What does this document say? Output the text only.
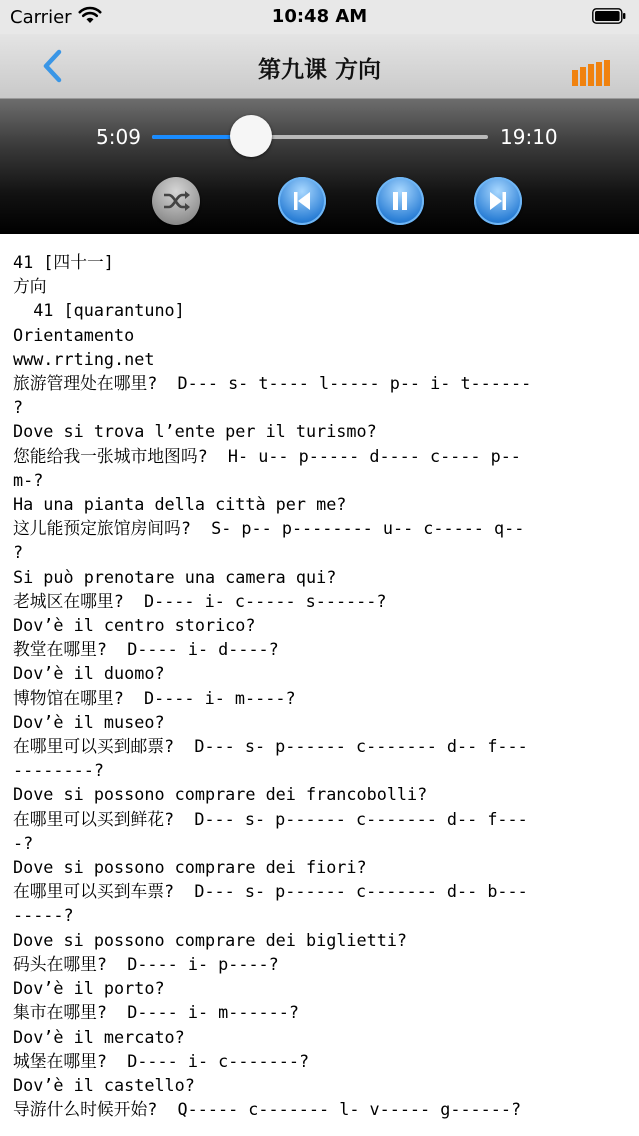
Carrier	10:48 AM
第九课 方向
5:09	19:10

41 [四十一]

方向

41 [quarantuno]

Orientamento

www.rrting.net

旅游管理处在哪里?  D--- s- t---- l----- p-- i- t------

?

Dove si trova l’ente per il turismo?

您能给我一张城市地图吗?  H- u-- p----- d---- c---- p--

m-?

Ha una pianta della città per me?

这儿能预定旅馆房间吗?  S- p-- p-------- u-- c----- q--

?

Si può prenotare una camera qui?

老城区在哪里?  D---- i- c----- s------?

Dov’è il centro storico?

教堂在哪里?  D---- i- d----?

Dov’è il duomo?

博物馆在哪里?  D---- i- m----?

Dov’è il museo?

在哪里可以买到邮票?  D--- s- p------ c------- d-- f---

--------?

Dove si possono comprare dei francobolli?

在哪里可以买到鲜花?  D--- s- p------ c------- d-- f---

-?

Dove si possono comprare dei fiori?

在哪里可以买到车票?  D--- s- p------ c------- d-- b---

-----?

Dove si possono comprare dei biglietti?

码头在哪里?  D---- i- p----?

Dov’è il porto?

集市在哪里?  D---- i- m------?

Dov’è il mercato?

城堡在哪里?  D---- i- c-------?

Dov’è il castello?

导游什么时候开始?  Q----- c------- l- v----- g------?
